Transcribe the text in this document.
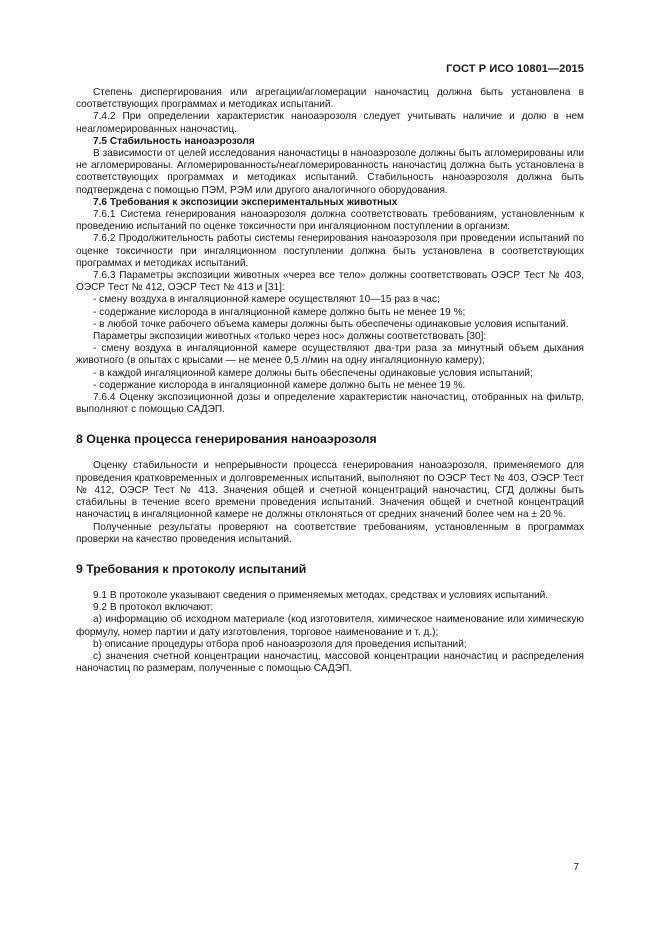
ГОСТ Р ИСО 10801—2015

Степень диспергирования или агрегации/агломерации наночастиц должна быть установлена в соответствующих программах и методиках испытаний.

7.4.2 При определении характеристик наноаэрозоля следует учитывать наличие и долю в нем неагломерированных наночастиц.

7.5 Стабильность наноаэрозоля

В зависимости от целей исследования наночастицы в наноаэрозоле должны быть агломерированы или не агломерированы. Агломерированность/неагломерированность наночастиц должна быть установлена в соответствующих программах и методиках испытаний. Стабильность наноаэрозоля должна быть подтверждена с помощью ПЭМ, РЭМ или другого аналогичного оборудования.

7.6 Требования к экспозиции экспериментальных животных

7.6.1 Система генерирования наноаэрозоля должна соответствовать требованиям, установленным к проведению испытаний по оценке токсичности при ингаляционном поступлении в организм.

7.6.2 Продолжительность работы системы генерирования наноаэрозоля при проведении испытаний по оценке токсичности при ингаляционном поступлении должна быть установлена в соответствующих программах и методиках испытаний.

7.6.3 Параметры экспозиции животных «через все тело» должны соответствовать ОЭСР Тест № 403, ОЭСР Тест № 412, ОЭСР Тест № 413 и [31]:

- смену воздуха в ингаляционной камере осуществляют 10—15 раз в час;

- содержание кислорода в ингаляционной камере должно быть не менее 19 %;

- в любой точке рабочего объема камеры должны быть обеспечены одинаковые условия испытаний.

Параметры экспозиции животных «только через нос» должны соответствовать [30]:

- смену воздуха в ингаляционной камере осуществляют два-три раза за минутный объем дыхания животного (в опытах с крысами — не менее 0,5 л/мин на одну ингаляционную камеру);

- в каждой ингаляционной камере должны быть обеспечены одинаковые условия испытаний;

- содержание кислорода в ингаляционной камере должно быть не менее 19 %.

7.6.4 Оценку экспозиционной дозы и определение характеристик наночастиц, отобранных на фильтр, выполняют с помощью САДЭП.

8 Оценка процесса генерирования наноаэрозоля

Оценку стабильности и непрерывности процесса генерирования наноаэрозоля, применяемого для проведения кратковременных и долговременных испытаний, выполняют по ОЭСР Тест № 403, ОЭСР Тест № 412, ОЭСР Тест № 413. Значения общей и счетной концентраций наночастиц, СГД должны быть стабильны в течение всего времени проведения испытаний. Значения общей и счетной концентраций наночастиц в ингаляционной камере не должны отклоняться от средних значений более чем на ± 20 %.

Полученные результаты проверяют на соответствие требованиям, установленным в программах проверки на качество проведения испытаний.

9 Требования к протоколу испытаний

9.1 В протоколе указывают сведения о применяемых методах, средствах и условиях испытаний.

9.2 В протокол включают:

a) информацию об исходном материале (код изготовителя, химическое наименование или химическую формулу, номер партии и дату изготовления, торговое наименование и т. д.);

b) описание процедуры отбора проб наноаэрозоля для проведения испытаний;

c) значения счетной концентрации наночастиц, массовой концентрации наночастиц и распределения наночастиц по размерам, полученные с помощью САДЭП.

7
